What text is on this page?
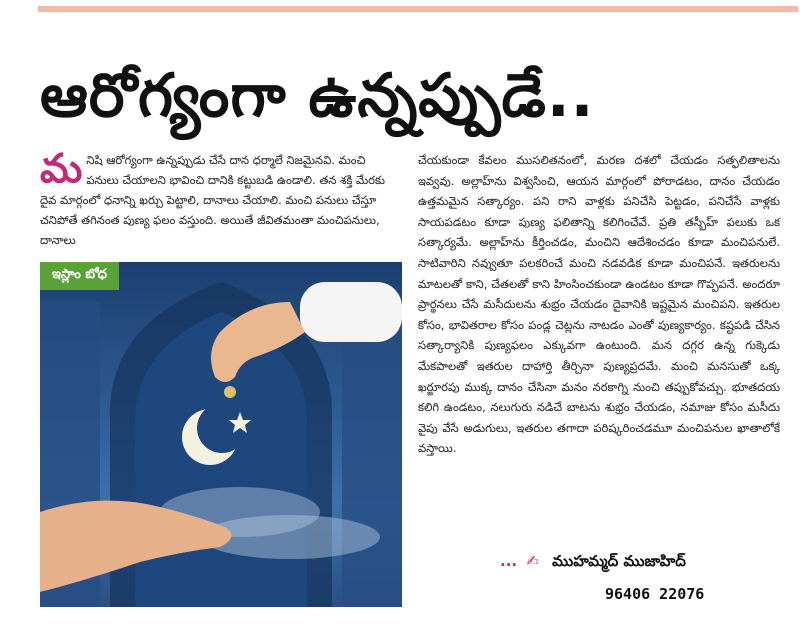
ఆరోగ్యంగా ఉన్నప్పుడే..

మనిషి ఆరోగ్యంగా ఉన్నప్పుడు చేసే దాన ధర్మాలే నిజమైనవి. మంచి పనులు చేయాలని భావించి దానికి కట్టుబడి ఉండాలి. తన శక్తి మేరకు దైవ మార్గంలో ధనాన్ని ఖర్చు పెట్టాలి, దానాలు చేయాలి. మంచి పనులు చేస్తూ చనిపోతే తగినంత పుణ్య ఫలం వస్తుంది. అయితే జీవితమంతా మంచిపనులు, దానాలు

ఇస్లాం బోధ

చేయకుండా కేవలం ముసలితనంలో, మరణ దశలో చేయడం సత్ఫలితాలను ఇవ్వవు. అల్లాహ్‌ను విశ్వసించి, ఆయన మార్గంలో పోరాడటం, దానం చేయడం ఉత్తమమైన సత్కార్యం. పని రాని వాళ్లకు పనిచేసి పెట్టడం, పనిచేసే వాళ్లకు సాయపడటం కూడా పుణ్య ఫలితాన్ని కలిగించేవే. ప్రతి తస్బీహ్ పలుకు ఒక సత్కార్యమే. అల్లాహ్‌ను కీర్తించడం, మంచిని ఆదేశించడం కూడా మంచిపనులే. సాటివారిని నవ్వుతూ పలకరించే మంచి నడవడిక కూడా మంచిపనే. ఇతరులను మాటలతో కాని, చేతలతో కాని హింసించకుండా ఉండటం కూడా గొప్పపనే. అందరూ ప్రార్థనలు చేసే మసీదులను శుభ్రం చేయడం దైవానికి ఇష్టమైన మంచిపని. ఇతరుల కోసం, భావితరాల కోసం పండ్ల చెట్లను నాటడం ఎంతో పుణ్యకార్యం. కష్టపడి చేసిన సత్కార్యానికి పుణ్యఫలం ఎక్కువగా ఉంటుంది. మన దగ్గర ఉన్న గుక్కెడు మేకపాలతో ఇతరుల దాహార్తి తీర్చినా పుణ్యప్రదమే. మంచి మనసుతో ఒక్క ఖర్జూరపు ముక్క దానం చేసినా మనం నరకాగ్ని నుంచి తప్పుకోవచ్చు. భూతదయ కలిగి ఉండటం, నలుగురు నడిచే బాటను శుభ్రం చేయడం, నమాజు కోసం మసీదు వైపు వేసే అడుగులు, ఇతరుల తగాదా పరిష్కరించడమూ మంచిపనుల ఖాతాలోకే వస్తాయి.

... ✍ ముహమ్మద్ ముజాహిద్
96406 22076
